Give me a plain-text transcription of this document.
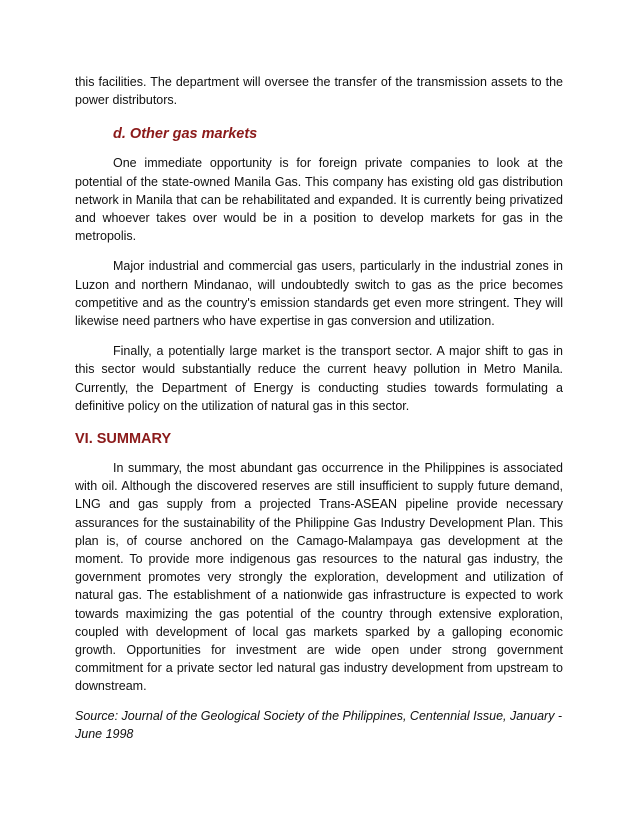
this facilities. The department will oversee the transfer of the transmission assets to the power distributors.

d. Other gas markets

One immediate opportunity is for foreign private companies to look at the potential of the state-owned Manila Gas. This company has existing old gas distribution network in Manila that can be rehabilitated and expanded. It is currently being privatized and whoever takes over would be in a position to develop markets for gas in the metropolis.

Major industrial and commercial gas users, particularly in the industrial zones in Luzon and northern Mindanao, will undoubtedly switch to gas as the price becomes competitive and as the country's emission standards get even more stringent. They will likewise need partners who have expertise in gas conversion and utilization.

Finally, a potentially large market is the transport sector. A major shift to gas in this sector would substantially reduce the current heavy pollution in Metro Manila. Currently, the Department of Energy is conducting studies towards formulating a definitive policy on the utilization of natural gas in this sector.

VI. SUMMARY

In summary, the most abundant gas occurrence in the Philippines is associated with oil. Although the discovered reserves are still insufficient to supply future demand, LNG and gas supply from a projected Trans-ASEAN pipeline provide necessary assurances for the sustainability of the Philippine Gas Industry Development Plan. This plan is, of course anchored on the Camago-Malampaya gas development at the moment. To provide more indigenous gas resources to the natural gas industry, the government promotes very strongly the exploration, development and utilization of natural gas. The establishment of a nationwide gas infrastructure is expected to work towards maximizing the gas potential of the country through extensive exploration, coupled with development of local gas markets sparked by a galloping economic growth. Opportunities for investment are wide open under strong government commitment for a private sector led natural gas industry development from upstream to downstream.

Source: Journal of the Geological Society of the Philippines, Centennial Issue, January - June 1998
